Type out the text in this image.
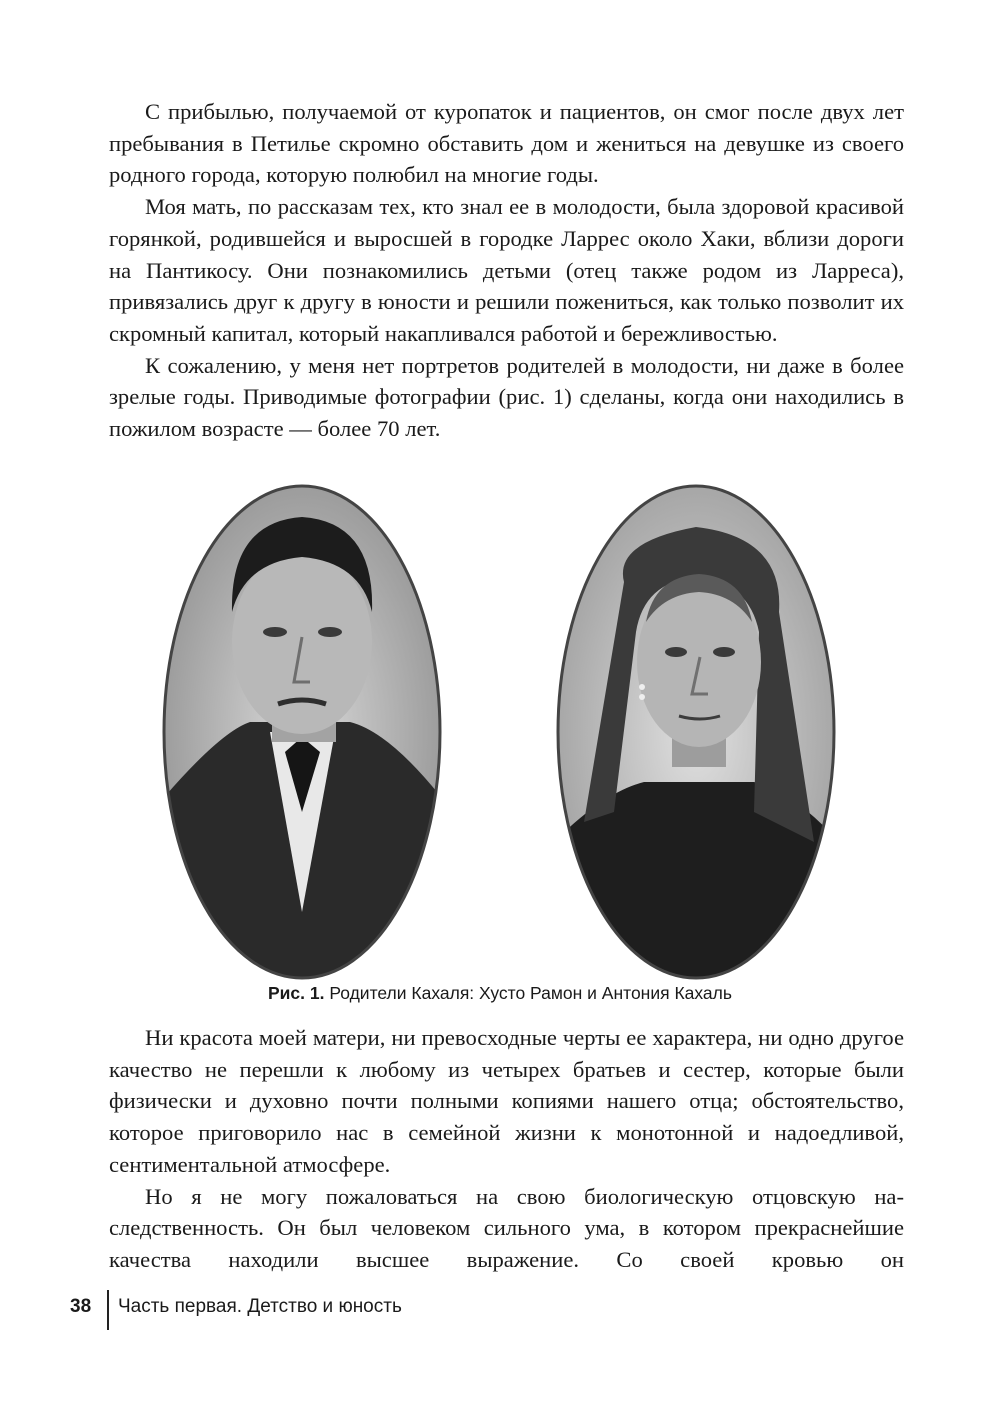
С прибылью, получаемой от куропаток и пациентов, он смог после двух лет пребывания в Петилье скромно обставить дом и жениться на девушке из своего родного города, которую полюбил на многие годы.

Моя мать, по рассказам тех, кто знал ее в молодости, была здоровой красивой горянкой, родившейся и выросшей в городке Ларрес около Хаки, вблизи дороги на Пантикосу. Они познакомились детьми (отец также родом из Ларреса), привязались друг к другу в юности и решили пожениться, как только позволит их скромный капитал, который накапливался работой и бережливостью.

К сожалению, у меня нет портретов родителей в молодости, ни даже в более зрелые годы. Приводимые фотографии (рис. 1) сделаны, когда они находились в пожилом возрасте — более 70 лет.

Рис. 1. Родители Кахаля: Хусто Рамон и Антония Кахаль

Ни красота моей матери, ни превосходные черты ее характера, ни одно другое качество не перешли к любому из четырех братьев и сестер, которые были физически и духовно почти полными копиями нашего отца; обстоятельство, которое приговорило нас в семейной жизни к монотонной и надоедливой, сентиментальной атмосфере.

Но я не могу пожаловаться на свою биологическую отцовскую наследственность. Он был человеком сильного ума, в котором прекраснейшие качества находили высшее выражение. Со своей кровью он

38 Часть первая. Детство и юность
